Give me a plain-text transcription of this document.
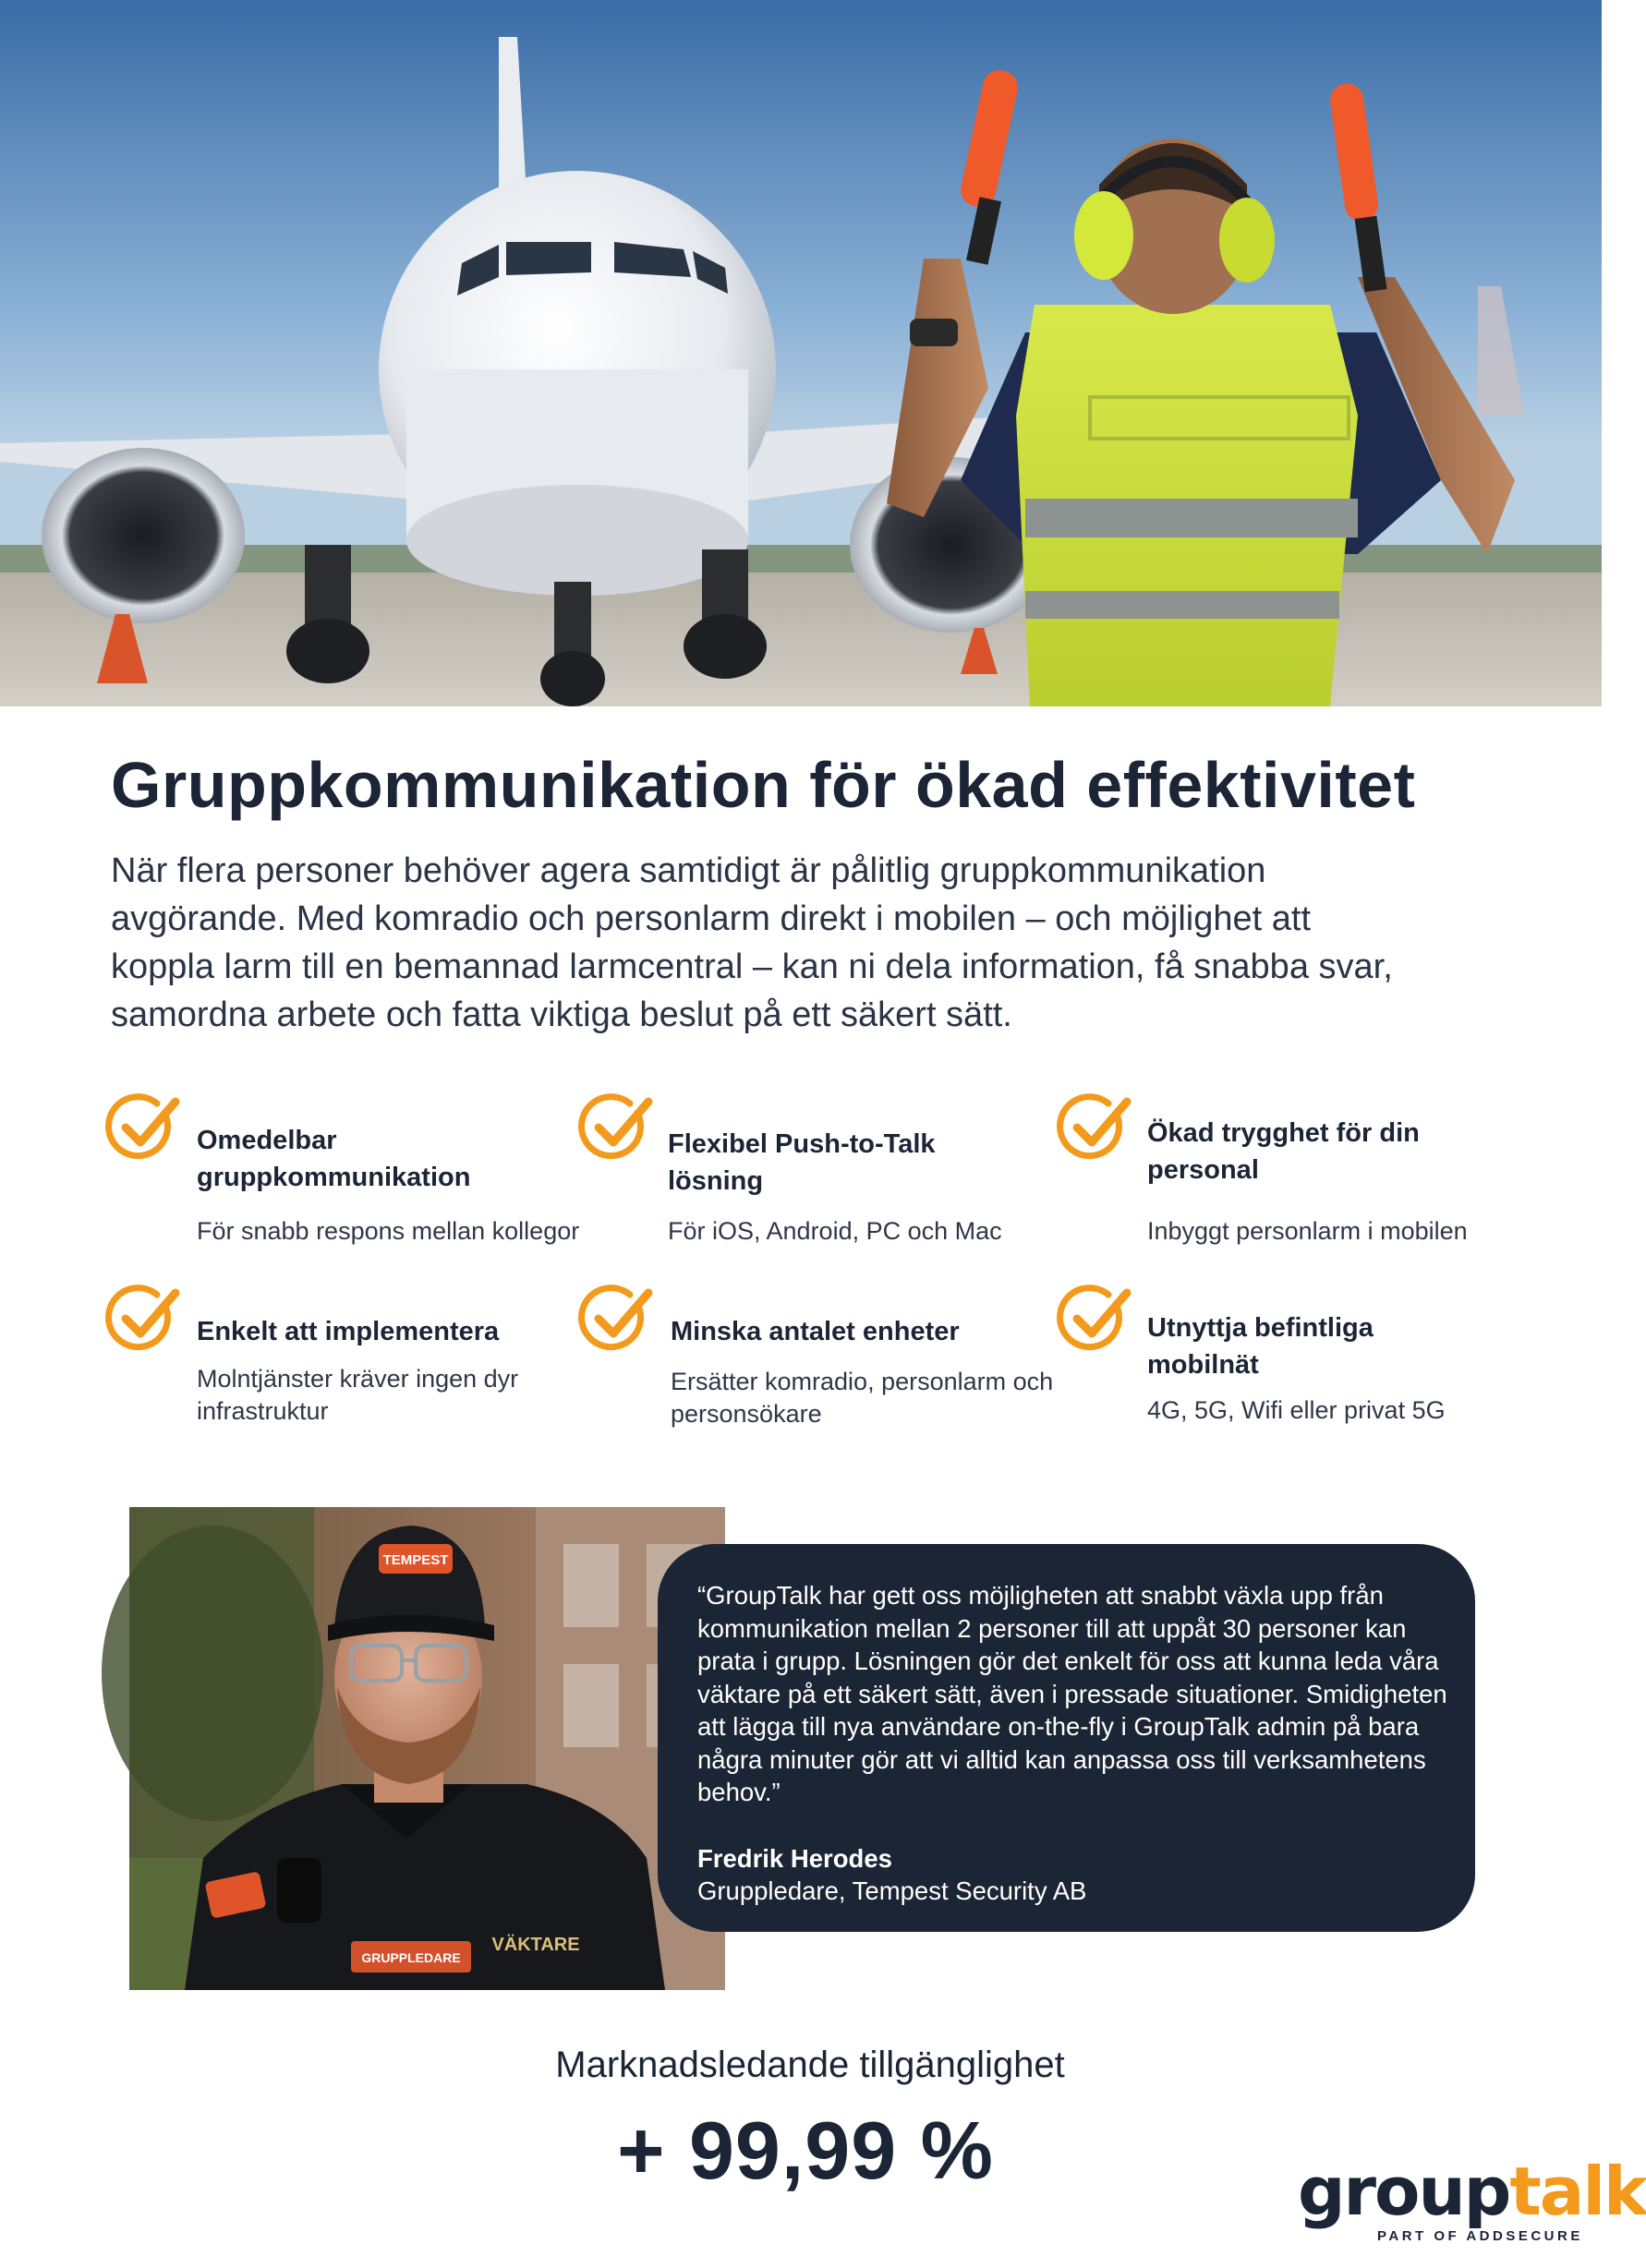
Gruppkommunikation för ökad effektivitet

När flera personer behöver agera samtidigt är pålitlig gruppkommunikation avgörande. Med komradio och personlarm direkt i mobilen – och möjlighet att koppla larm till en bemannad larmcentral – kan ni dela information, få snabba svar, samordna arbete och fatta viktiga beslut på ett säkert sätt.

Omedelbar gruppkommunikation

För snabb respons mellan kollegor

Flexibel Push-to-Talk lösning

För iOS, Android, PC och Mac

Ökad trygghet för din personal

Inbyggt personlarm i mobilen

Enkelt att implementera

Molntjänster kräver ingen dyr infrastruktur

Minska antalet enheter

Ersätter komradio, personlarm och personsökare

Utnyttja befintliga mobilnät

4G, 5G, Wifi eller privat 5G

TEMPEST
GRUPPLEDARE
VÄKTARE

“GroupTalk har gett oss möjligheten att snabbt växla upp från kommunikation mellan 2 personer till att uppåt 30 personer kan prata i grupp. Lösningen gör det enkelt för oss att kunna leda våra väktare på ett säkert sätt, även i pressade situationer. Smidigheten att lägga till nya användare on-the-fly i GroupTalk admin på bara några minuter gör att vi alltid kan anpassa oss till verksamhetens behov.”

Fredrik Herodes

Gruppledare, Tempest Security AB

Marknadsledande tillgänglighet

+ 99,99 %	grouptalk

PART OF ADDSECURE
